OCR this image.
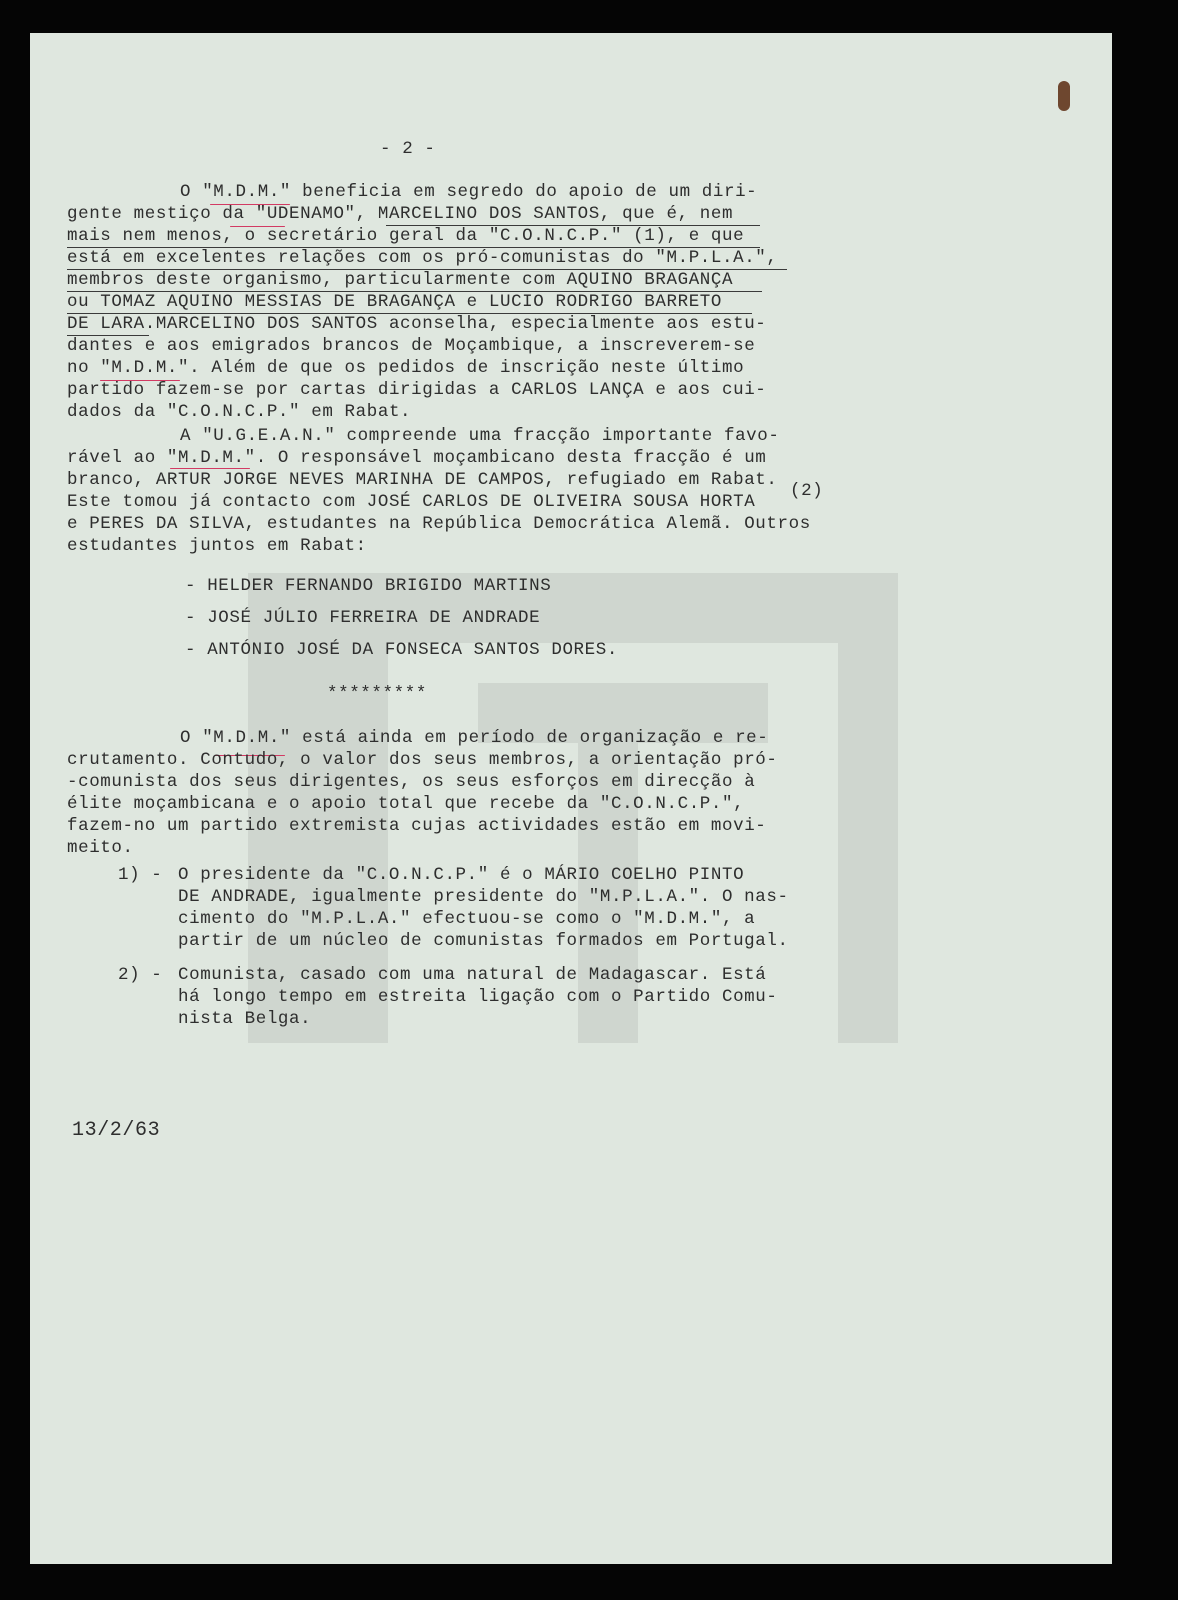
- 2 -
O "M.D.M." beneficia em segredo do apoio de um diri-
gente mestiço da "UDENAMO", MARCELINO DOS SANTOS, que é, nem
mais nem menos, o secretário geral da "C.O.N.C.P." (1), e que
está em excelentes relações com os pró-comunistas do "M.P.L.A.",
membros deste organismo, particularmente com AQUINO BRAGANÇA
ou TOMAZ AQUINO MESSIAS DE BRAGANÇA e LUCIO RODRIGO BARRETO
DE LARA.MARCELINO DOS SANTOS aconselha, especialmente aos estu-
dantes e aos emigrados brancos de Moçambique, a inscreverem-se
no "M.D.M.". Além de que os pedidos de inscrição neste último
partido fazem-se por cartas dirigidas a CARLOS LANÇA e aos cui-
dados da "C.O.N.C.P." em Rabat.
A "U.G.E.A.N." compreende uma fracção importante favo-
rável ao "M.D.M.". O responsável moçambicano desta fracção é um
branco, ARTUR JORGE NEVES MARINHA DE CAMPOS, refugiado em Rabat.
Este tomou já contacto com JOSÉ CARLOS DE OLIVEIRA SOUSA HORTA
e PERES DA SILVA, estudantes na República Democrática Alemã. Outros
estudantes juntos em Rabat:
(2)
- HELDER FERNANDO BRIGIDO MARTINS
- JOSÉ JÚLIO FERREIRA DE ANDRADE
- ANTÓNIO JOSÉ DA FONSECA SANTOS DORES.
*********
O "M.D.M." está ainda em período de organização e re-
crutamento. Contudo, o valor dos seus membros, a orientação pró-
-comunista dos seus dirigentes, os seus esforços em direcção à
élite moçambicana e o apoio total que recebe da "C.O.N.C.P.",
fazem-no um partido extremista cujas actividades estão em movi-
meito.
1) - O presidente da "C.O.N.C.P." é o MÁRIO COELHO PINTO
DE ANDRADE, igualmente presidente do "M.P.L.A.". O nas-
cimento do "M.P.L.A." efectuou-se como o "M.D.M.", a
partir de um núcleo de comunistas formados em Portugal.
2) - Comunista, casado com uma natural de Madagascar. Está
há longo tempo em estreita ligação com o Partido Comu-
nista Belga.
13/2/63
